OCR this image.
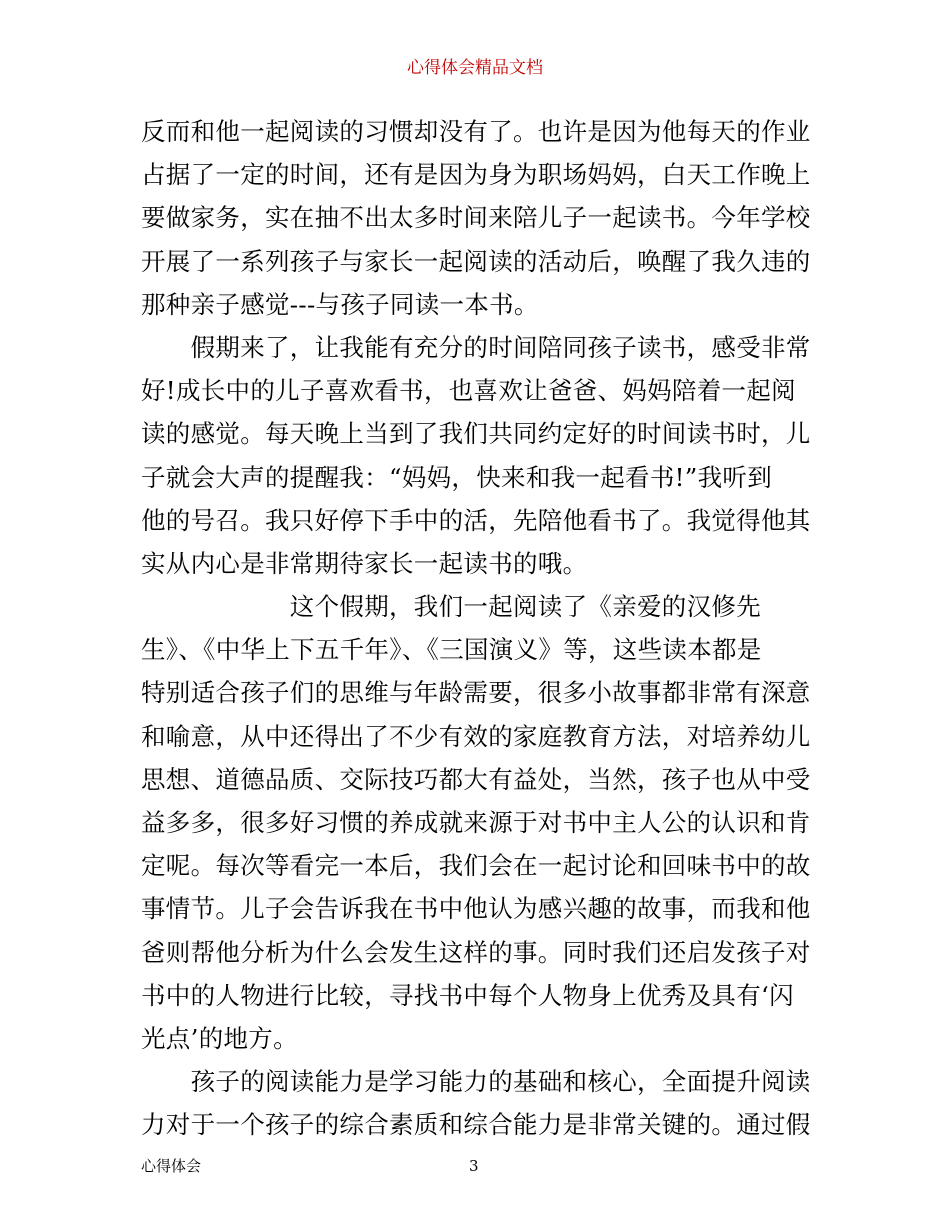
心得体会精品文档
反而和他一起阅读的习惯却没有了。也许是因为他每天的作业
占据了一定的时间，还有是因为身为职场妈妈，白天工作晚上
要做家务，实在抽不出太多时间来陪儿子一起读书。今年学校
开展了一系列孩子与家长一起阅读的活动后，唤醒了我久违的
那种亲子感觉---与孩子同读一本书。
　　假期来了，让我能有充分的时间陪同孩子读书，感受非常
好!成长中的儿子喜欢看书，也喜欢让爸爸、妈妈陪着一起阅
读的感觉。每天晚上当到了我们共同约定好的时间读书时，儿
子就会大声的提醒我：“妈妈，快来和我一起看书!”我听到
他的号召。我只好停下手中的活，先陪他看书了。我觉得他其
实从内心是非常期待家长一起读书的哦。
　　　　　　这个假期，我们一起阅读了《亲爱的汉修先
生》、《中华上下五千年》、《三国演义》等，这些读本都是
特别适合孩子们的思维与年龄需要，很多小故事都非常有深意
和喻意，从中还得出了不少有效的家庭教育方法，对培养幼儿
思想、道德品质、交际技巧都大有益处，当然，孩子也从中受
益多多，很多好习惯的养成就来源于对书中主人公的认识和肯
定呢。每次等看完一本后，我们会在一起讨论和回味书中的故
事情节。儿子会告诉我在书中他认为感兴趣的故事，而我和他
爸则帮他分析为什么会发生这样的事。同时我们还启发孩子对
书中的人物进行比较，寻找书中每个人物身上优秀及具有‘闪
光点’的地方。
　　孩子的阅读能力是学习能力的基础和核心，全面提升阅读
力对于一个孩子的综合素质和综合能力是非常关键的。通过假
心得体会	3
